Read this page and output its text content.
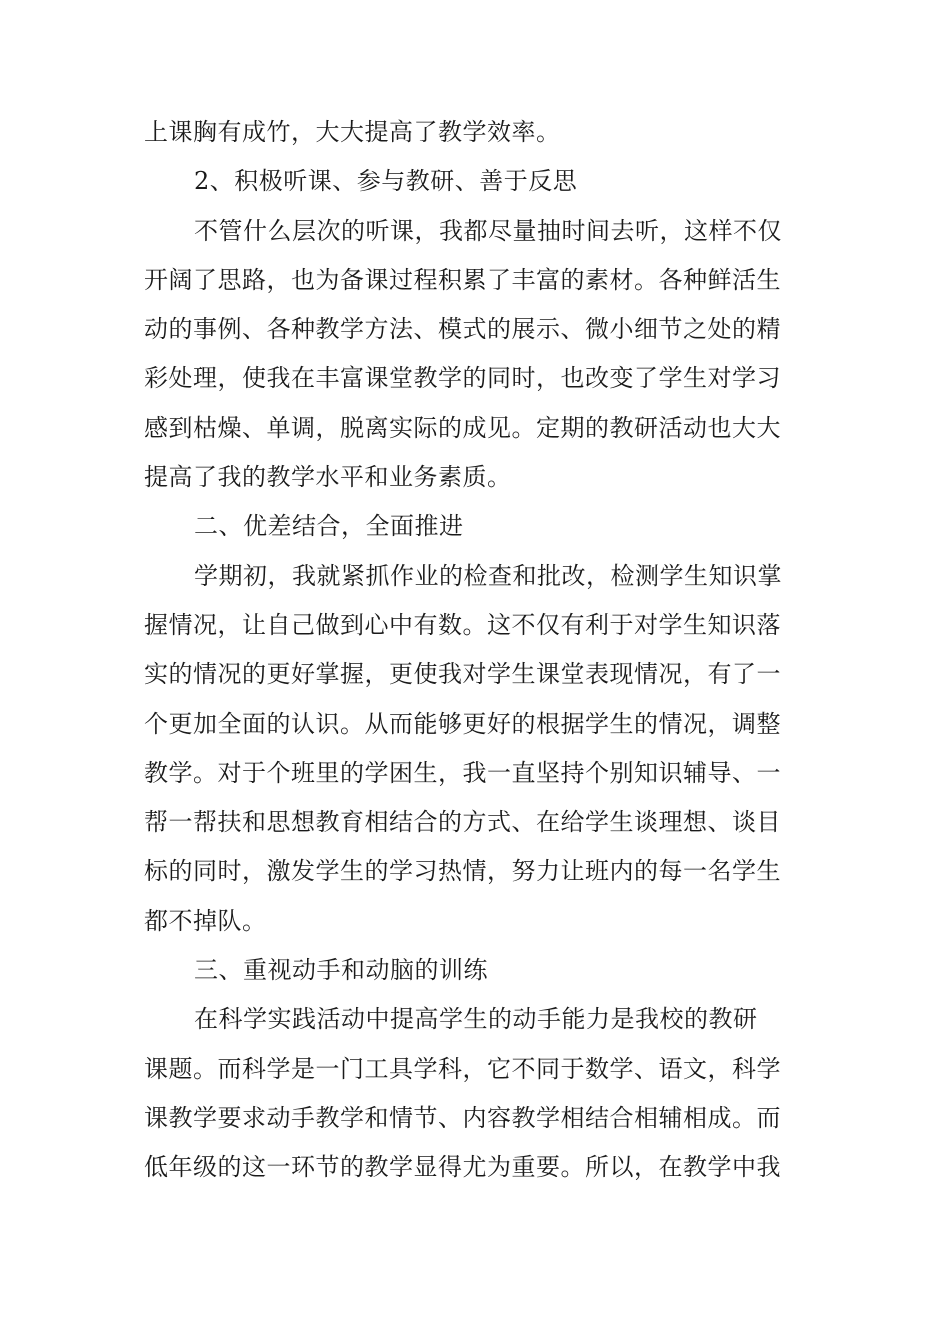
上课胸有成竹，大大提高了教学效率。
2、积极听课、参与教研、善于反思
不管什么层次的听课，我都尽量抽时间去听，这样不仅
开阔了思路，也为备课过程积累了丰富的素材。各种鲜活生
动的事例、各种教学方法、模式的展示、微小细节之处的精
彩处理，使我在丰富课堂教学的同时，也改变了学生对学习
感到枯燥、单调，脱离实际的成见。定期的教研活动也大大
提高了我的教学水平和业务素质。
二、优差结合，全面推进
学期初，我就紧抓作业的检查和批改，检测学生知识掌
握情况，让自己做到心中有数。这不仅有利于对学生知识落
实的情况的更好掌握，更使我对学生课堂表现情况，有了一
个更加全面的认识。从而能够更好的根据学生的情况，调整
教学。对于个班里的学困生，我一直坚持个别知识辅导、一
帮一帮扶和思想教育相结合的方式、在给学生谈理想、谈目
标的同时，激发学生的学习热情，努力让班内的每一名学生
都不掉队。
三、重视动手和动脑的训练
在科学实践活动中提高学生的动手能力是我校的教研
课题。而科学是一门工具学科，它不同于数学、语文，科学
课教学要求动手教学和情节、内容教学相结合相辅相成。而
低年级的这一环节的教学显得尤为重要。所以，在教学中我
